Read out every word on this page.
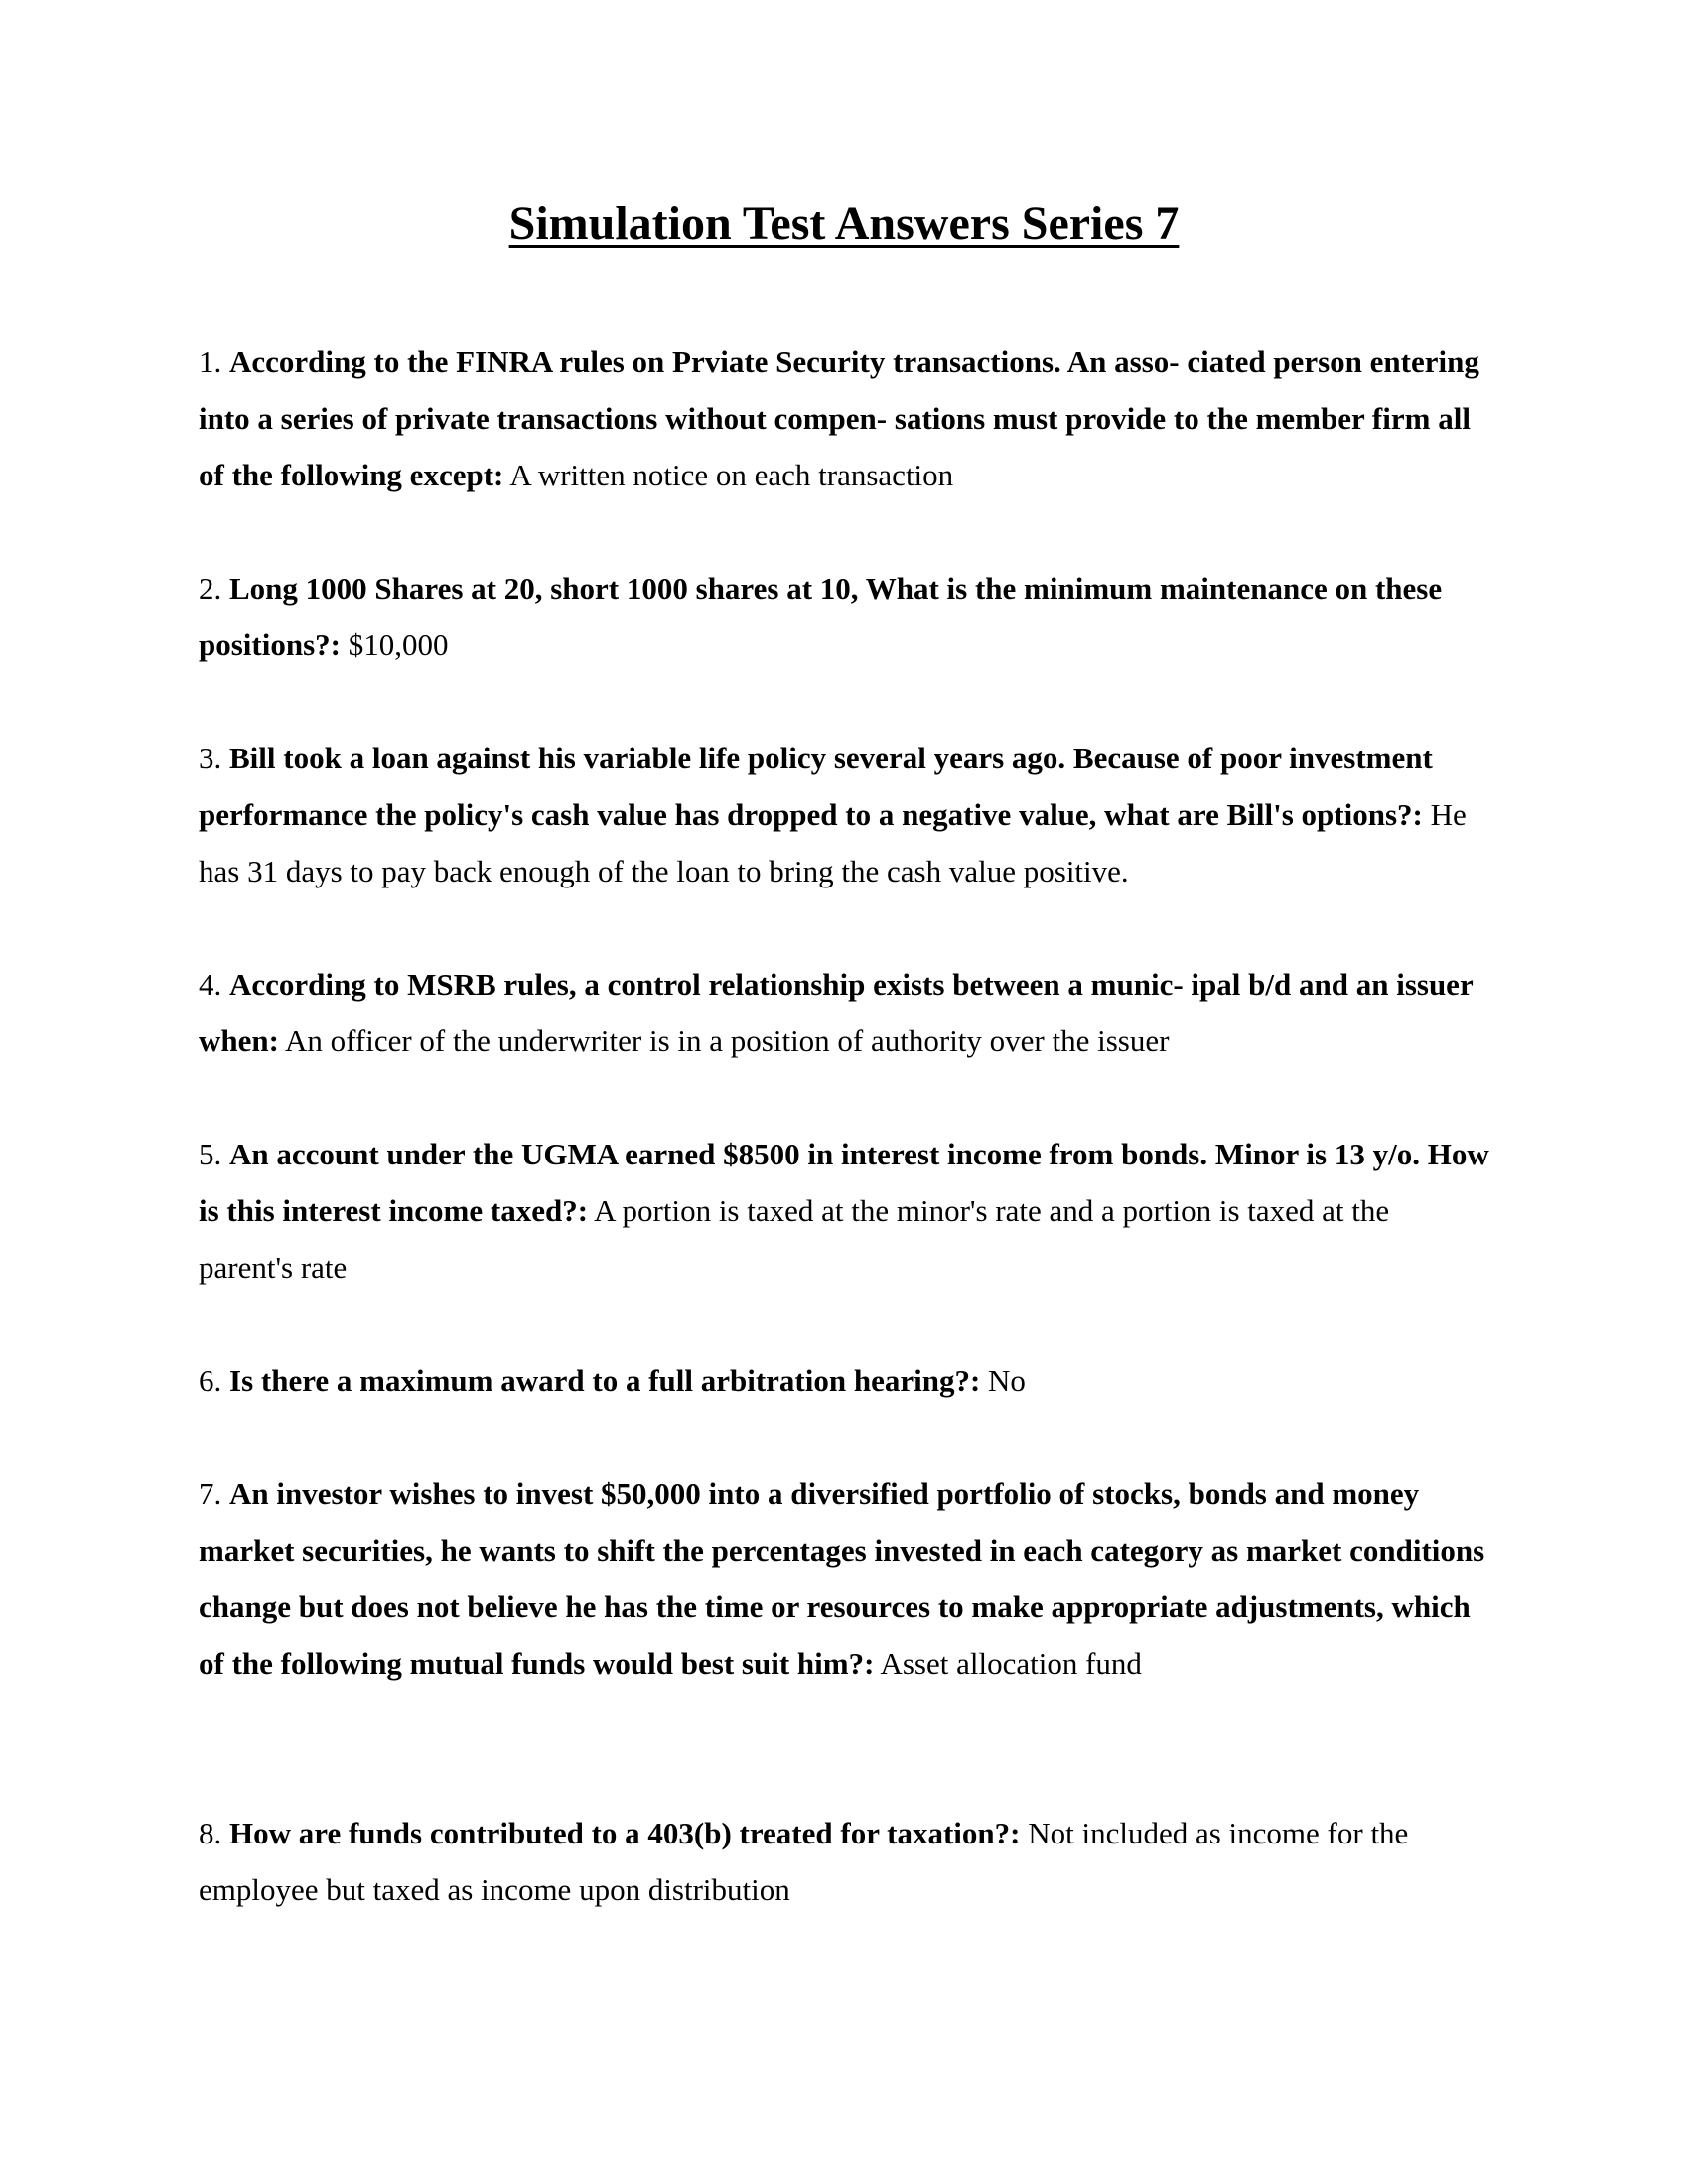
Simulation Test Answers Series 7

1. According to the FINRA rules on Prviate Security transactions. An asso- ciated person entering into a series of private transactions without compen- sations must provide to the member firm all of the following except: A written notice on each transaction

2. Long 1000 Shares at 20, short 1000 shares at 10, What is the minimum maintenance on these positions?: $10,000

3. Bill took a loan against his variable life policy several years ago. Because of poor investment performance the policy's cash value has dropped to a negative value, what are Bill's options?: He has 31 days to pay back enough of the loan to bring the cash value positive.

4. According to MSRB rules, a control relationship exists between a munic- ipal b/d and an issuer when: An officer of the underwriter is in a position of authority over the issuer

5. An account under the UGMA earned $8500 in interest income from bonds. Minor is 13 y/o. How is this interest income taxed?: A portion is taxed at the minor's rate and a portion is taxed at the parent's rate

6. Is there a maximum award to a full arbitration hearing?: No

7. An investor wishes to invest $50,000 into a diversified portfolio of stocks, bonds and money market securities, he wants to shift the percentages invested in each category as market conditions change but does not believe he has the time or resources to make appropriate adjustments, which of the following mutual funds would best suit him?: Asset allocation fund

8. How are funds contributed to a 403(b) treated for taxation?: Not included as income for the employee but taxed as income upon distribution
